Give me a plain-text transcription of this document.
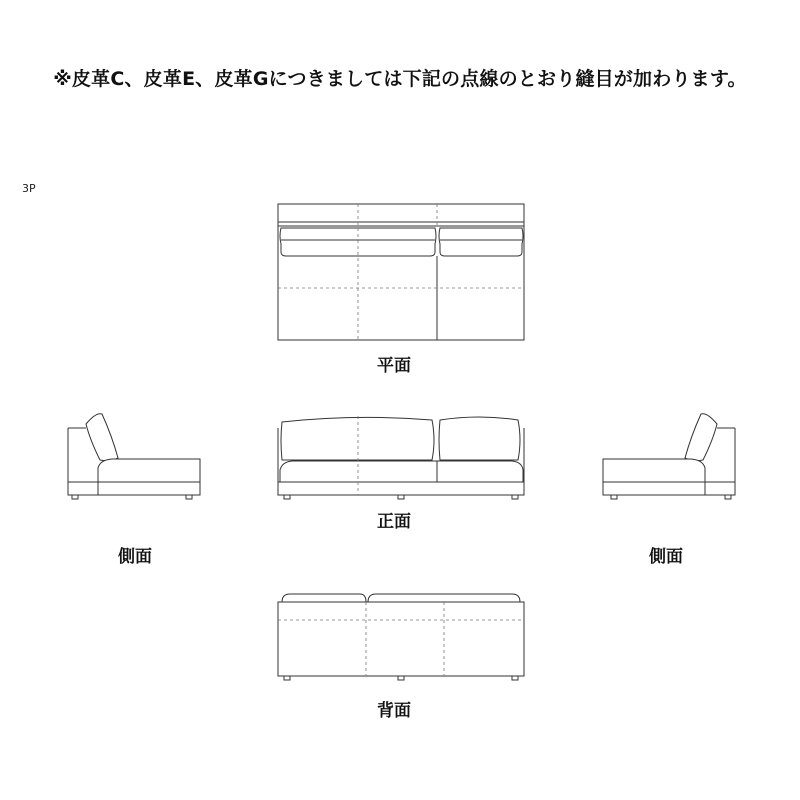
※皮革C、皮革E、皮革Gにつきましては下記の点線のとおり縫目が加わります。
3P
平面
正面
側面	側面
背面
